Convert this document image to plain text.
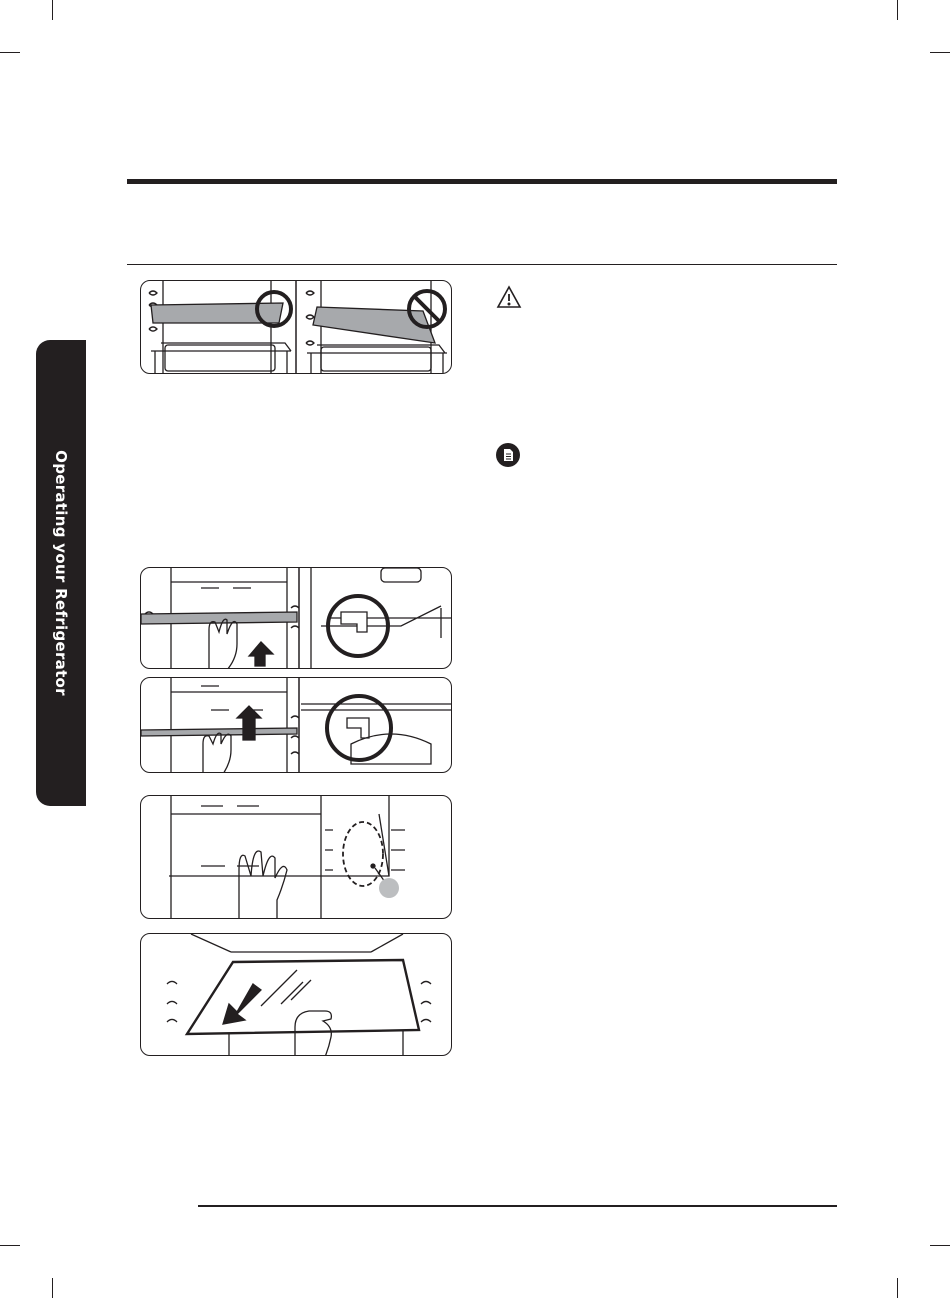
Operating your Refrigerator
